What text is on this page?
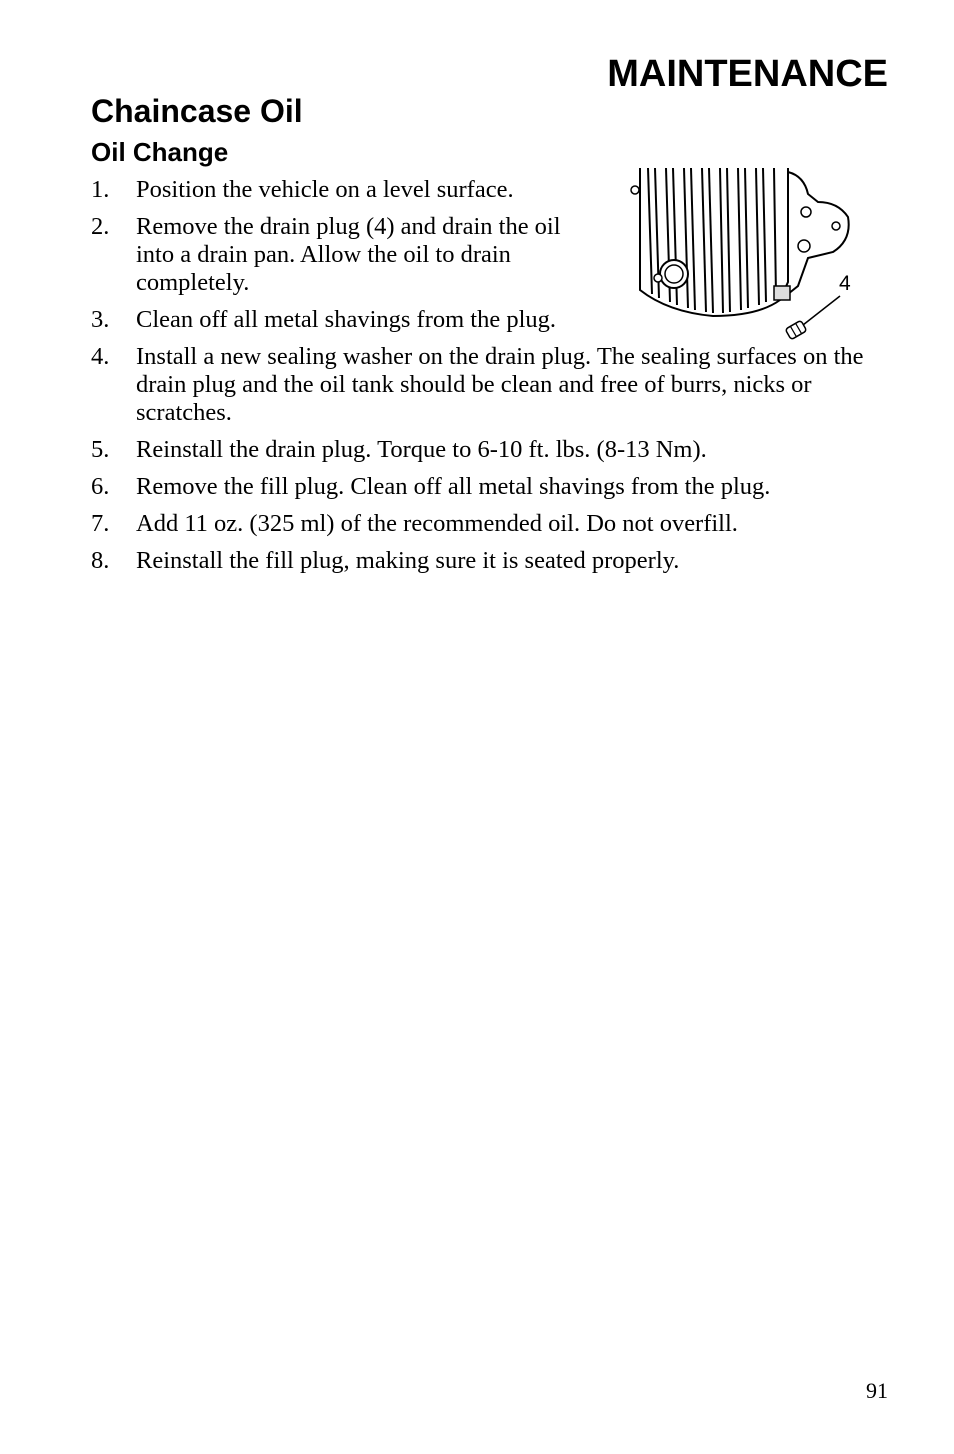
MAINTENANCE
Chaincase Oil
Oil Change
4
1.	Position the vehicle on a level surface.
2.	Remove the drain plug (4) and drain the oil into a drain pan. Allow the oil to drain completely.
3.	Clean off all metal shavings from the plug.
4.	Install a new sealing washer on the drain plug. The sealing surfaces on the drain plug and the oil tank should be clean and free of burrs, nicks or scratches.
5.	Reinstall the drain plug. Torque to 6-10 ft. lbs. (8-13 Nm).
6.	Remove the fill plug. Clean off all metal shavings from the plug.
7.	Add 11 oz. (325 ml) of the recommended oil. Do not overfill.
8.	Reinstall the fill plug, making sure it is seated properly.
91
